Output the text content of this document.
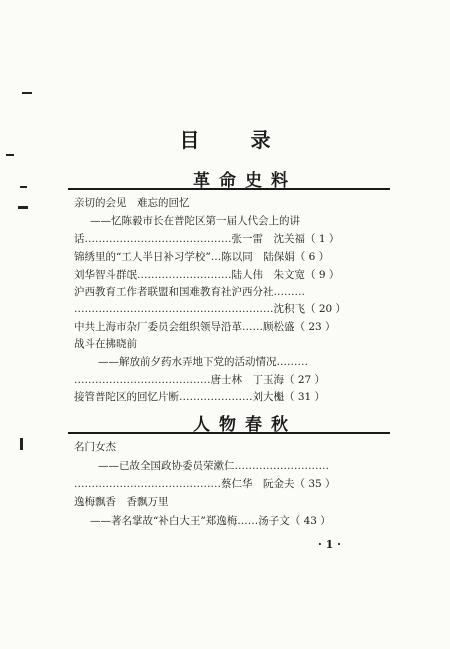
目 录
革命史料
亲切的会见　难忘的回忆
——忆陈毅市长在普陀区第一届人代会上的讲
话……………………………………张一雷　沈关福（ 1 ）
锦绣里的“工人半日补习学校”…陈以同　陆保娟（ 6 ）
刘华智斗群氓………………………陆人伟　朱文宽（ 9 ）
沪西教育工作者联盟和国难教育社沪西分社………
…………………………………………………沈积飞（ 20 ）
中共上海市杂厂委员会组织领导沿革……顾松盛（ 23 ）
战斗在拂晓前
——解放前夕药水弄地下党的活动情况………
…………………………………唐士林　丁玉海（ 27 ）
接管普陀区的回忆片断…………………刘大櫆（ 31 ）
人物春秋
名门女杰
——已故全国政协委员荣漱仁………………………
……………………………………蔡仁华　阮金夫（ 35 ）
逸梅飘香　香飘万里
——著名掌故“补白大王”郑逸梅……汤子文（ 43 ）
· 1 ·
